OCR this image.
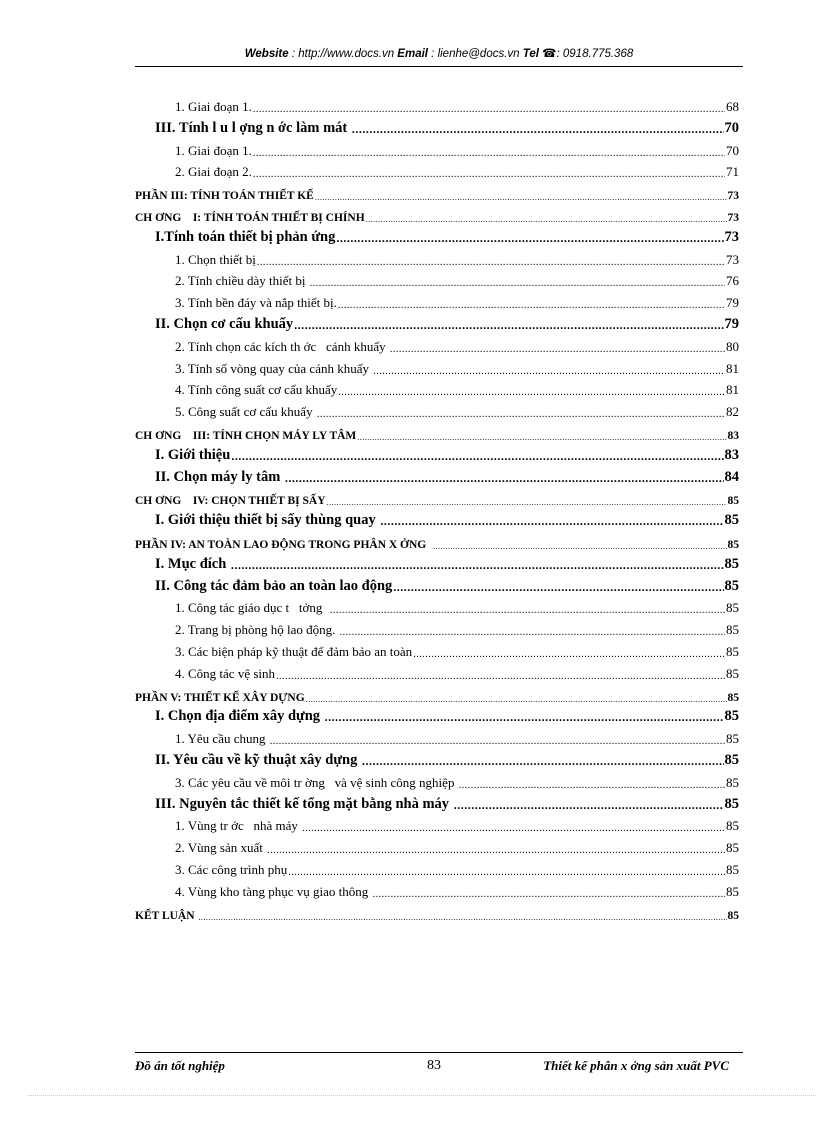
Website : http://www.docs.vn Email : lienhe@docs.vn Tel ☎: 0918.775.368
1. Giai đoạn 1. .....	68
III. Tính l u l ợng n ớc làm mát .....	70
1. Giai đoạn 1. .....	70
2. Giai đoạn 2. .....	71
PHẦN III: TÍNH TOÁN THIẾT KẾ .....	73
CH ƠNG    I: TÍNH TOÁN THIẾT BỊ CHÍNH .....	73
I.Tính toán thiết bị phản ứng .....	73
1. Chọn thiết bị .....	73
2. Tính chiều dày thiết bị .....	76
3. Tính bền đáy và nắp thiết bị. .....	79
II. Chọn cơ cấu khuấy .....	79
2. Tính chọn các kích th ớc   cánh khuấy .....	80
3. Tính số vòng quay của cánh khuấy .....	81
4. Tính công suất cơ cấu khuấy .....	81
5. Công suất cơ cấu khuấy .....	82
CH ƠNG    III: TÍNH CHỌN MÁY LY TÂM .....	83
I. Giới thiệu .....	83
II. Chọn máy ly tâm .....	84
CH ƠNG    IV: CHỌN THIẾT BỊ SẤY .....	85
I. Giới thiệu thiết bị sấy thùng quay .....	85
PHẦN IV: AN TOÀN LAO ĐỘNG TRONG PHÂN X ỞNG .....	85
I. Mục đích .....	85
II. Công tác đảm bảo an toàn lao động .....	85
1. Công tác giáo dục t   tởng .....	85
2. Trang bị phòng hộ lao động. .....	85
3. Các biện pháp kỹ thuật để đảm bảo an toàn .....	85
4. Công tác vệ sinh .....	85
PHẦN V: THIẾT KẾ XÂY DỰNG .....	85
I. Chọn địa điểm xây dựng .....	85
1. Yêu cầu chung .....	85
II. Yêu cầu về kỹ thuật xây dựng .....	85
3. Các yêu cầu về môi tr ờng   và vệ sinh công nghiệp .....	85
III. Nguyên tắc thiết kế tổng mặt bằng nhà máy .....	85
1. Vùng tr ớc   nhà máy .....	85
2. Vùng sản xuất .....	85
3. Các công trình phụ .....	85
4. Vùng kho tàng phục vụ giao thông .....	85
KẾT LUẬN .....	85
Đồ án tốt nghiệp	83	Thiết kế phân x ởng sản xuất PVC
